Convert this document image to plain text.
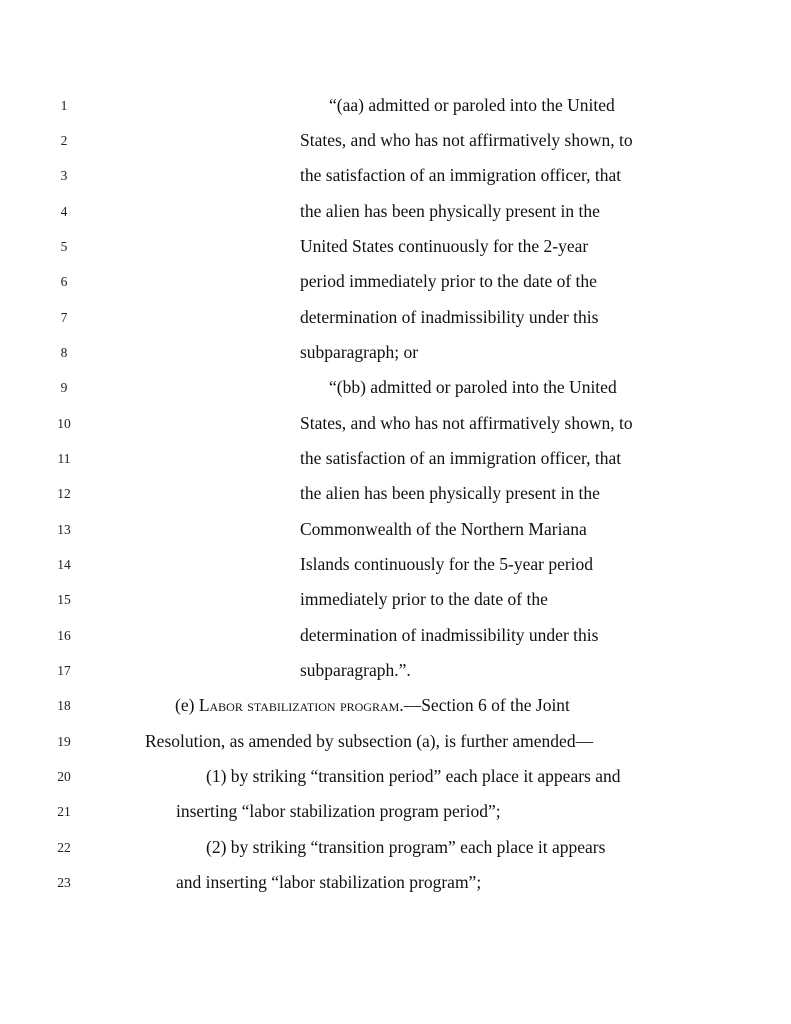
1	“(aa) admitted or paroled into the United
2	States, and who has not affirmatively shown, to
3	the satisfaction of an immigration officer, that
4	the alien has been physically present in the
5	United States continuously for the 2-year
6	period immediately prior to the date of the
7	determination of inadmissibility under this
8	subparagraph; or
9	“(bb) admitted or paroled into the United
10	States, and who has not affirmatively shown, to
11	the satisfaction of an immigration officer, that
12	the alien has been physically present in the
13	Commonwealth of the Northern Mariana
14	Islands continuously for the 5-year period
15	immediately prior to the date of the
16	determination of inadmissibility under this
17	subparagraph.”.
18	(e) Labor stabilization program.—Section 6 of the Joint
19	Resolution, as amended by subsection (a), is further amended—
20	(1) by striking “transition period” each place it appears and
21	inserting “labor stabilization program period”;
22	(2) by striking “transition program” each place it appears
23	and inserting “labor stabilization program”;
